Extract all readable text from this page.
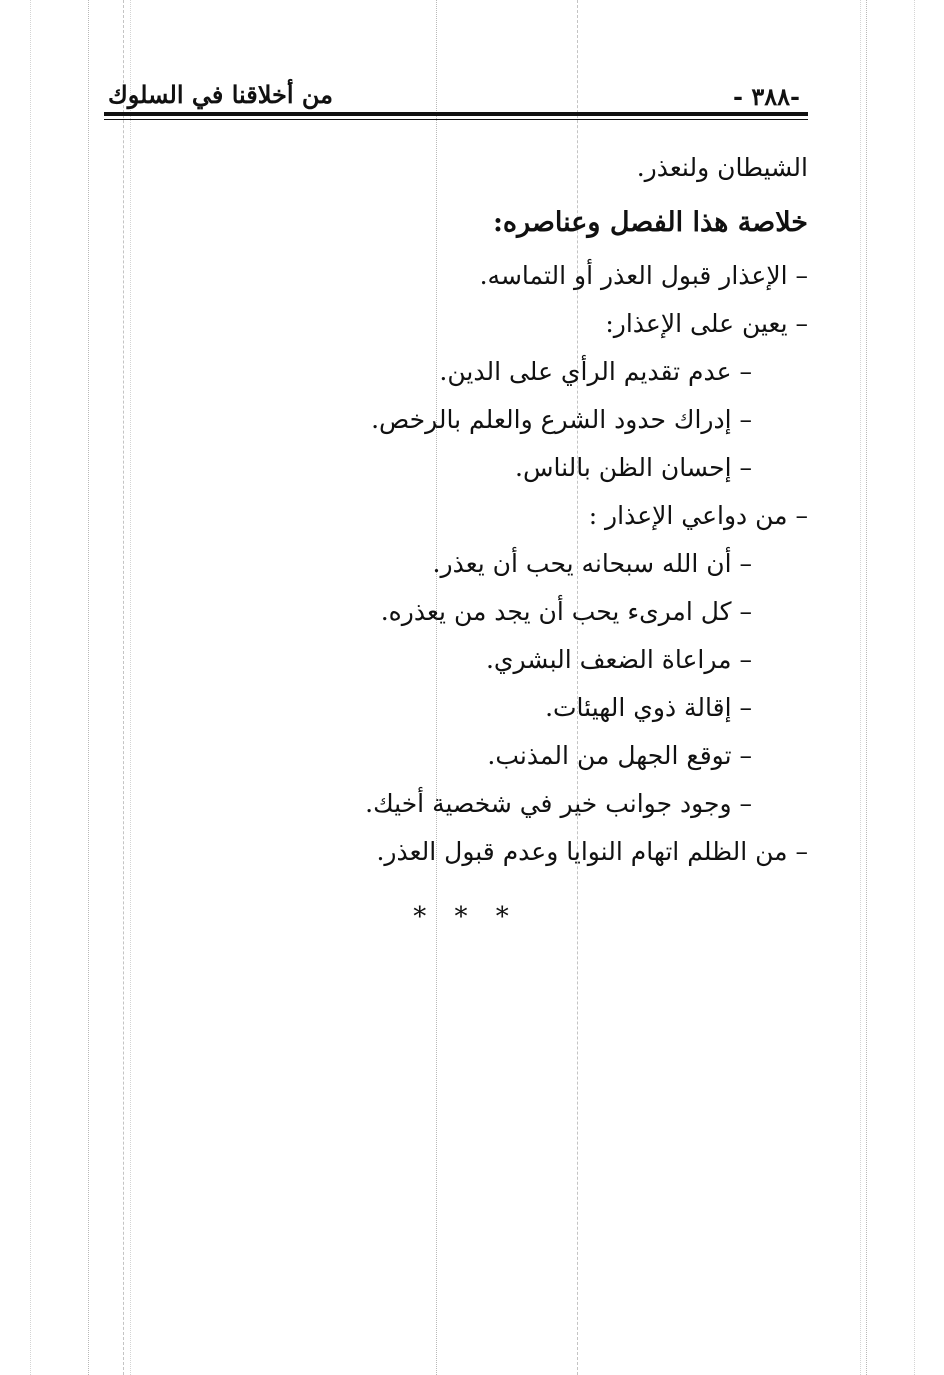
-٣٨٨ -
من أخلاقنا في السلوك
الشيطان ولنعذر.
خلاصة هذا الفصل وعناصره:
– الإعذار قبول العذر أو التماسه.
– يعين على الإعذار:
– عدم تقديم الرأي على الدين.
– إدراك حدود الشرع والعلم بالرخص.
– إحسان الظن بالناس.
– من دواعي الإعذار :
– أن الله سبحانه يحب أن يعذر.
– كل امرىء يحب أن يجد من يعذره.
– مراعاة الضعف البشري.
– إقالة ذوي الهيئات.
– توقع الجهل من المذنب.
– وجود جوانب خير في شخصية أخيك.
– من الظلم اتهام النوايا وعدم قبول العذر.
* * *
